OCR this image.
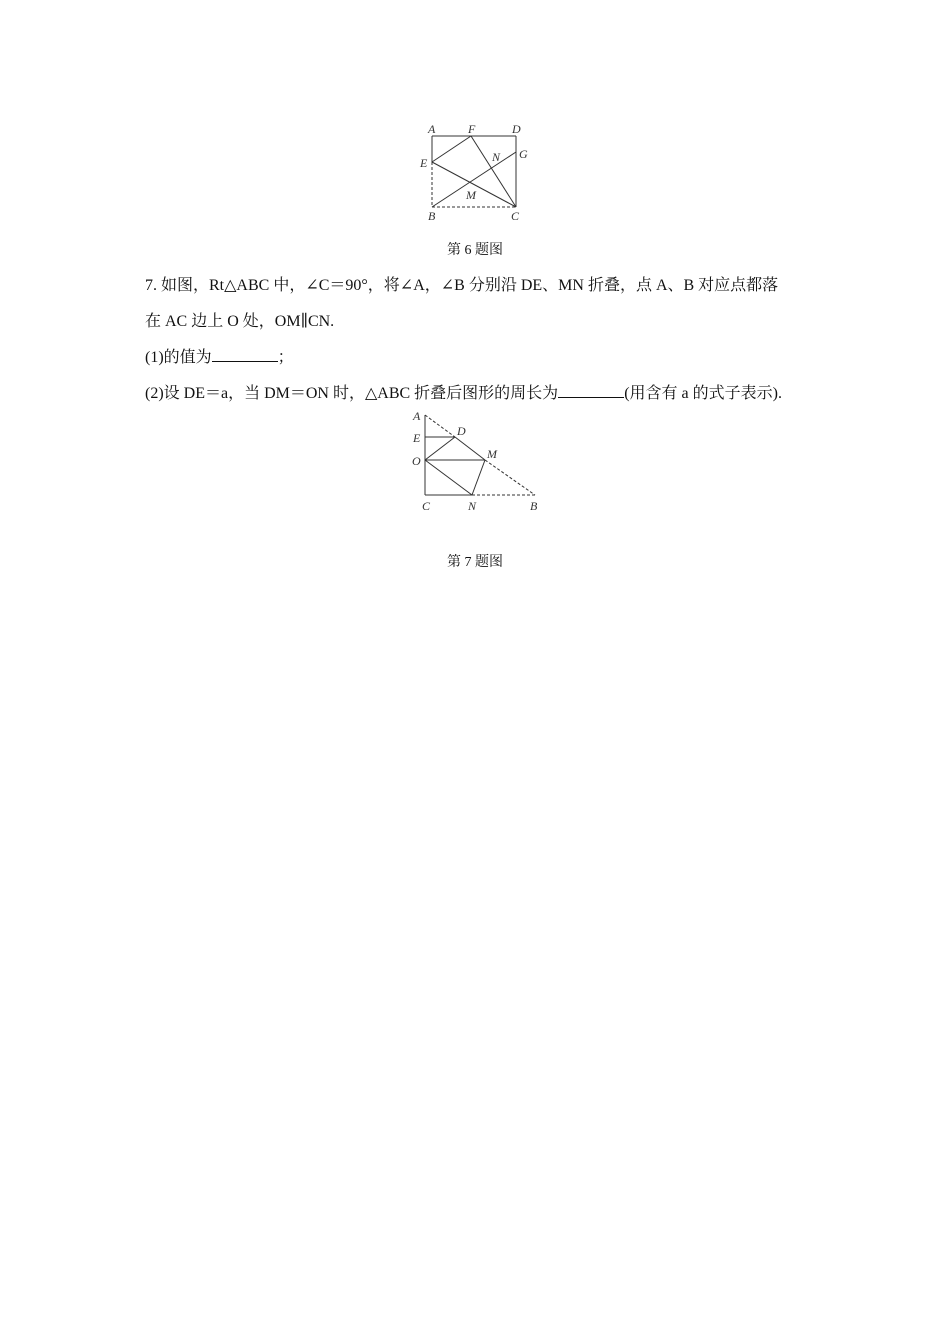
A	F	D
E
G
N
M
B	C
第 6 题图
7. 如图，Rt△ABC 中，∠C＝90°，将∠A，∠B 分别沿 DE、MN 折叠，点 A、B 对应点都落
在 AC 边上 O 处，OM∥CN.
(1)的值为	；
(2)设 DE＝a，当 DM＝ON 时，△ABC 折叠后图形的周长为	(用含有 a 的式子表示).
A
E	D
O	M
C	N	B
第 7 题图
